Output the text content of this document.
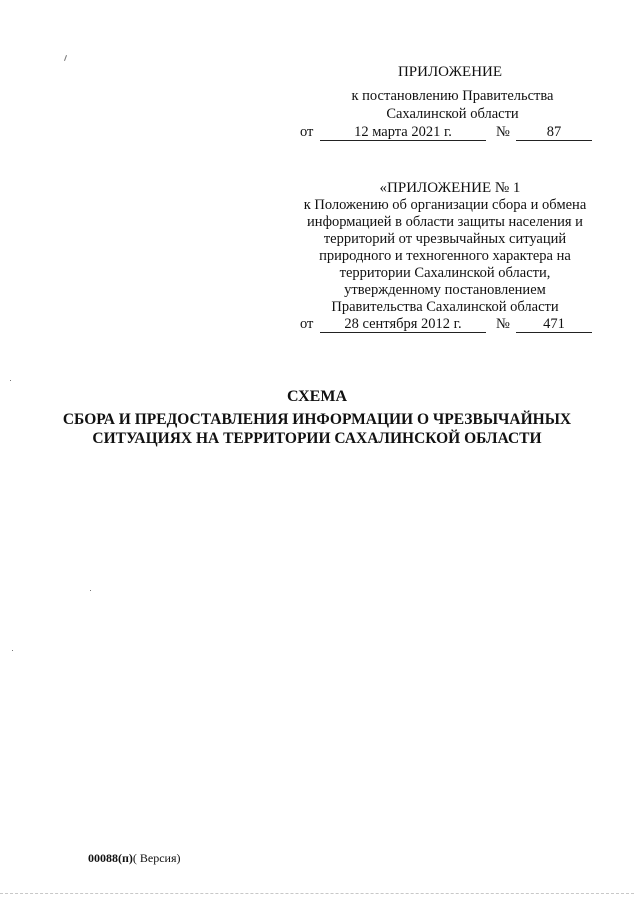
ПРИЛОЖЕНИЕ
к постановлению Правительства
Сахалинской области
от	12 марта 2021 г.	№	87
«ПРИЛОЖЕНИЕ № 1
к Положению об организации сбора и обмена
информацией в области защиты населения и
территорий от чрезвычайных ситуаций
природного и техногенного характера на
территории Сахалинской области,
утвержденному постановлением
Правительства Сахалинской области
от	28 сентября 2012 г.	№	471
СХЕМА
СБОРА И ПРЕДОСТАВЛЕНИЯ ИНФОРМАЦИИ О ЧРЕЗВЫЧАЙНЫХ
СИТУАЦИЯХ НА ТЕРРИТОРИИ САХАЛИНСКОЙ ОБЛАСТИ
00088(п)( Версия)
